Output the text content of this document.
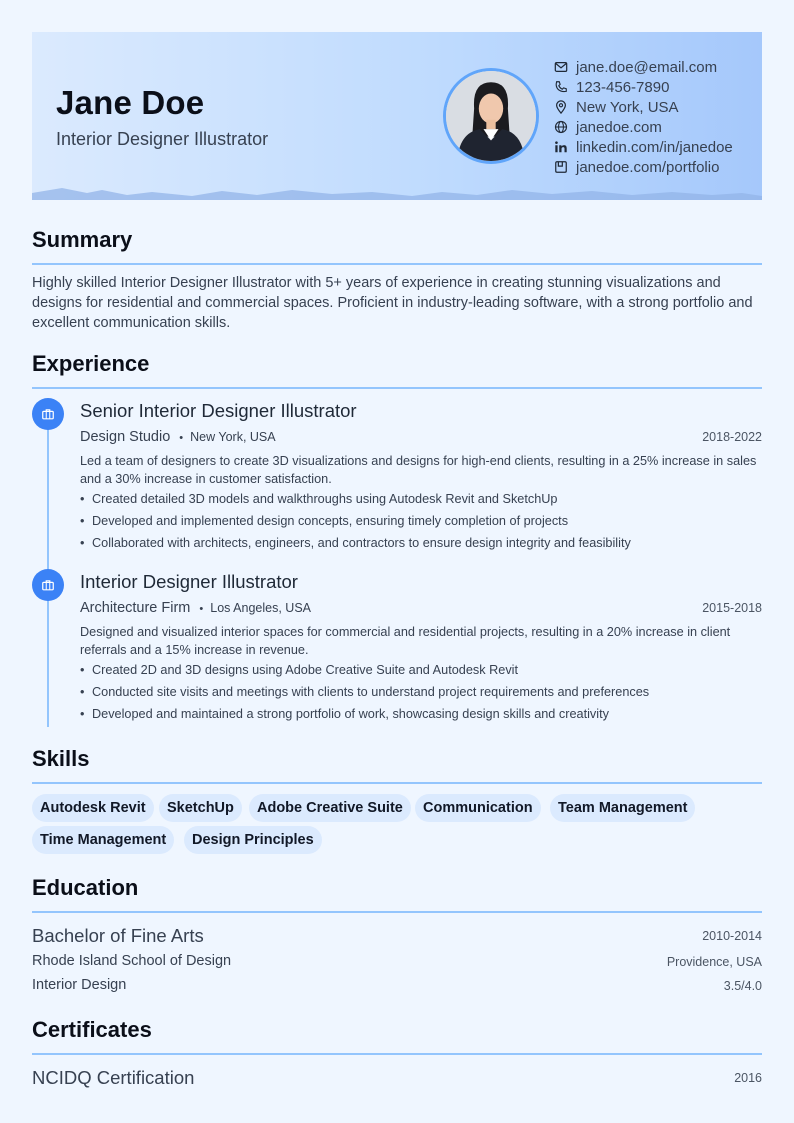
Jane Doe
Interior Designer Illustrator
jane.doe@email.com
123-456-7890
New York, USA
janedoe.com
linkedin.com/in/janedoe
janedoe.com/portfolio
Summary
Highly skilled Interior Designer Illustrator with 5+ years of experience in creating stunning visualizations and designs for residential and commercial spaces. Proficient in industry-leading software, with a strong portfolio and excellent communication skills.
Experience
Senior Interior Designer Illustrator
Design Studio • New York, USA	2018-2022
Led a team of designers to create 3D visualizations and designs for high-end clients, resulting in a 25% increase in sales and a 30% increase in customer satisfaction.
• Created detailed 3D models and walkthroughs using Autodesk Revit and SketchUp
• Developed and implemented design concepts, ensuring timely completion of projects
• Collaborated with architects, engineers, and contractors to ensure design integrity and feasibility
Interior Designer Illustrator
Architecture Firm • Los Angeles, USA	2015-2018
Designed and visualized interior spaces for commercial and residential projects, resulting in a 20% increase in client referrals and a 15% increase in revenue.
• Created 2D and 3D designs using Adobe Creative Suite and Autodesk Revit
• Conducted site visits and meetings with clients to understand project requirements and preferences
• Developed and maintained a strong portfolio of work, showcasing design skills and creativity
Skills
Autodesk Revit	SketchUp	Adobe Creative Suite	Communication	Team Management
Time Management	Design Principles
Education
Bachelor of Fine Arts	2010-2014
Rhode Island School of Design	Providence, USA
Interior Design	3.5/4.0
Certificates
NCIDQ Certification	2016
